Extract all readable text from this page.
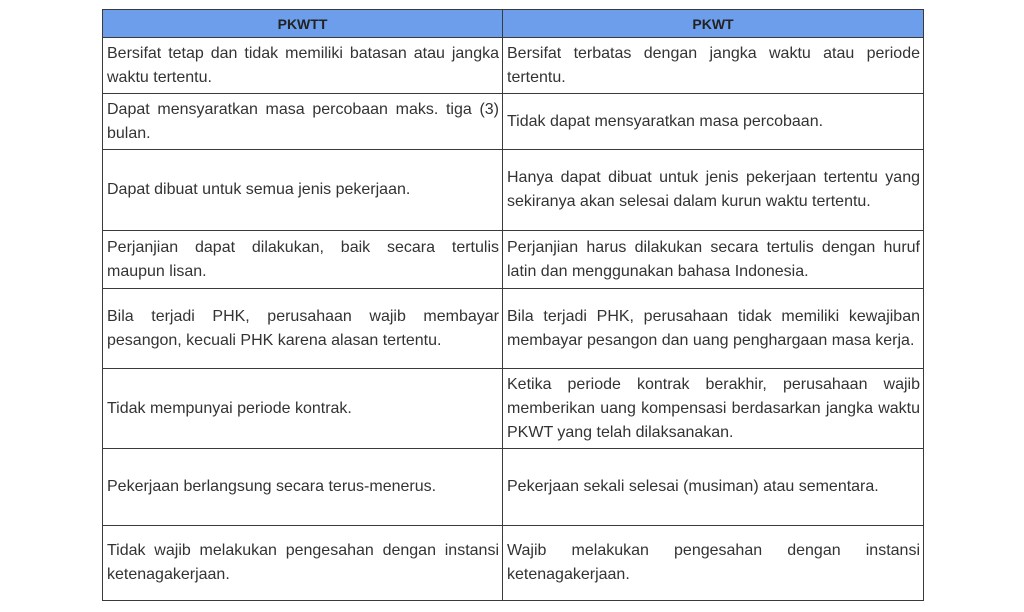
PKWTT	PKWT
Bersifat tetap dan tidak memiliki batasan atau jangka waktu tertentu.	Bersifat terbatas dengan jangka waktu atau periode tertentu.
Dapat mensyaratkan masa percobaan maks. tiga (3) bulan.	Tidak dapat mensyaratkan masa percobaan.
Dapat dibuat untuk semua jenis pekerjaan.	Hanya dapat dibuat untuk jenis pekerjaan tertentu yang sekiranya akan selesai dalam kurun waktu tertentu.
Perjanjian dapat dilakukan, baik secara tertulis maupun lisan.	Perjanjian harus dilakukan secara tertulis dengan huruf latin dan menggunakan bahasa Indonesia.
Bila terjadi PHK, perusahaan wajib membayar pesangon, kecuali PHK karena alasan tertentu.	Bila terjadi PHK, perusahaan tidak memiliki kewajiban membayar pesangon dan uang penghargaan masa kerja.
Tidak mempunyai periode kontrak.	Ketika periode kontrak berakhir, perusahaan wajib memberikan uang kompensasi berdasarkan jangka waktu PKWT yang telah dilaksanakan.
Pekerjaan berlangsung secara terus-menerus.	Pekerjaan sekali selesai (musiman) atau sementara.
Tidak wajib melakukan pengesahan dengan instansi ketenagakerjaan.	Wajib melakukan pengesahan dengan instansi ketenagakerjaan.
